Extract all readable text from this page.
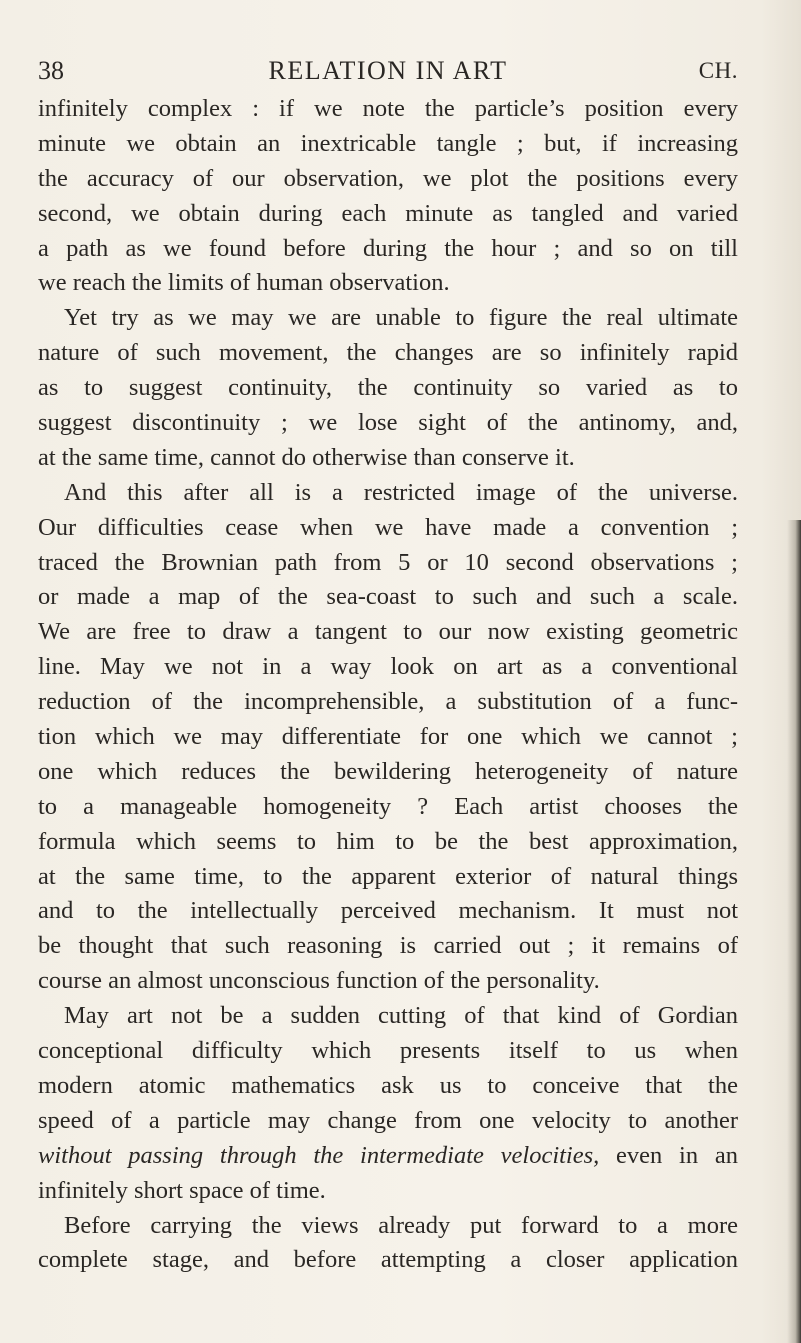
38	RELATION IN ART	CH.
infinitely complex : if we note the particle’s position every
minute we obtain an inextricable tangle ; but, if increasing
the accuracy of our observation, we plot the positions every
second, we obtain during each minute as tangled and varied
a path as we found before during the hour ; and so on till
we reach the limits of human observation.
Yet try as we may we are unable to figure the real ultimate
nature of such movement, the changes are so infinitely rapid
as to suggest continuity, the continuity so varied as to
suggest discontinuity ; we lose sight of the antinomy, and,
at the same time, cannot do otherwise than conserve it.
And this after all is a restricted image of the universe.
Our difficulties cease when we have made a convention ;
traced the Brownian path from 5 or 10 second observations ;
or made a map of the sea-coast to such and such a scale.
We are free to draw a tangent to our now existing geometric
line. May we not in a way look on art as a conventional
reduction of the incomprehensible, a substitution of a func-
tion which we may differentiate for one which we cannot ;
one which reduces the bewildering heterogeneity of nature
to a manageable homogeneity ? Each artist chooses the
formula which seems to him to be the best approximation,
at the same time, to the apparent exterior of natural things
and to the intellectually perceived mechanism. It must not
be thought that such reasoning is carried out ; it remains of
course an almost unconscious function of the personality.
May art not be a sudden cutting of that kind of Gordian
conceptional difficulty which presents itself to us when
modern atomic mathematics ask us to conceive that the
speed of a particle may change from one velocity to another
without passing through the intermediate velocities, even in an
infinitely short space of time.
Before carrying the views already put forward to a more
complete stage, and before attempting a closer application
